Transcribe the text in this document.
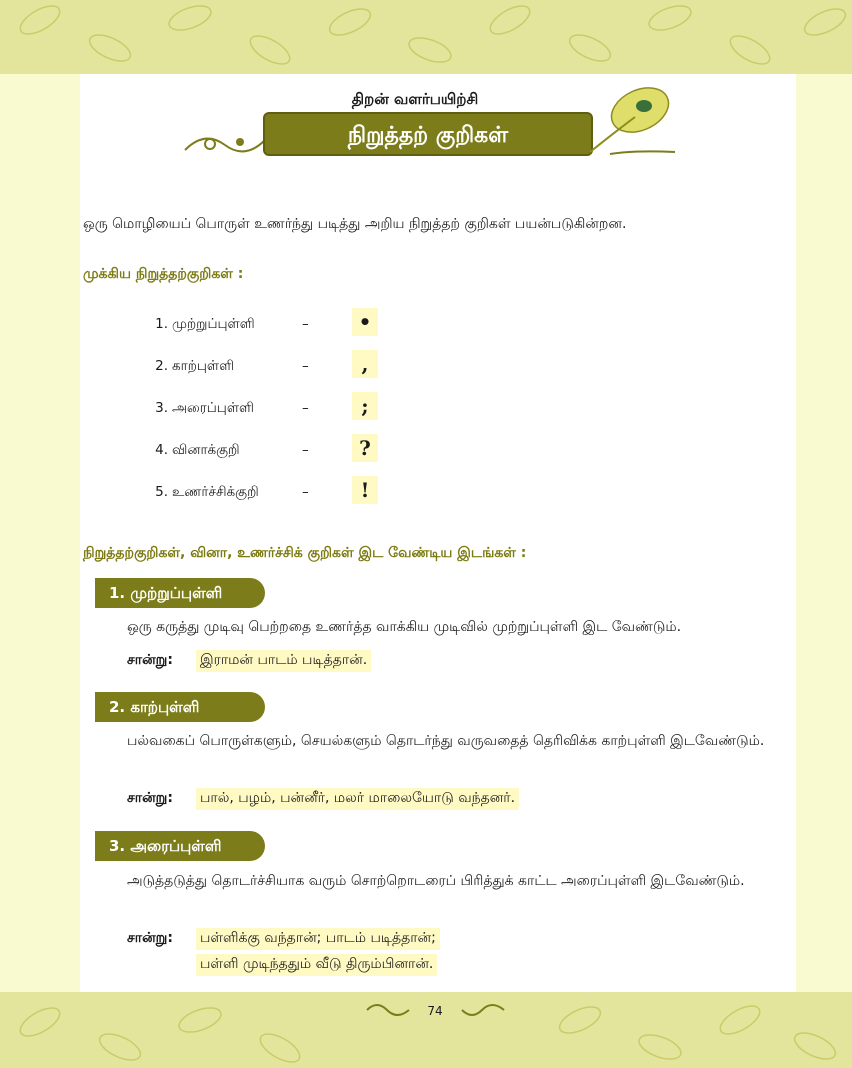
திறன் வளர்பயிற்சி
நிறுத்தற் குறிகள்
ஒரு மொழியைப் பொருள் உணர்ந்து படித்து அறிய நிறுத்தற் குறிகள் பயன்படுகின்றன.
முக்கிய நிறுத்தற்குறிகள் :
1. முற்றுப்புள்ளி	–	•
2. காற்புள்ளி	–	,
3. அரைப்புள்ளி	–	;
4. வினாக்குறி	–	?
5. உணர்ச்சிக்குறி	–	!
நிறுத்தற்குறிகள், வினா, உணர்ச்சிக் குறிகள் இட வேண்டிய இடங்கள் :
1. முற்றுப்புள்ளி
ஒரு கருத்து முடிவு பெற்றதை உணர்த்த வாக்கிய முடிவில் முற்றுப்புள்ளி இட வேண்டும்.
சான்று: இராமன் பாடம் படித்தான்.
2. காற்புள்ளி
பல்வகைப் பொருள்களும், செயல்களும் தொடர்ந்து வருவதைத் தெரிவிக்க காற்புள்ளி இடவேண்டும்.
சான்று: பால், பழம், பன்னீர், மலர் மாலையோடு வந்தனர்.
3. அரைப்புள்ளி
அடுத்தடுத்து தொடர்ச்சியாக வரும் சொற்றொடரைப் பிரித்துக் காட்ட அரைப்புள்ளி இடவேண்டும்.
சான்று: பள்ளிக்கு வந்தான்; பாடம் படித்தான்;
பள்ளி முடிந்ததும் வீடு திரும்பினான்.
74
